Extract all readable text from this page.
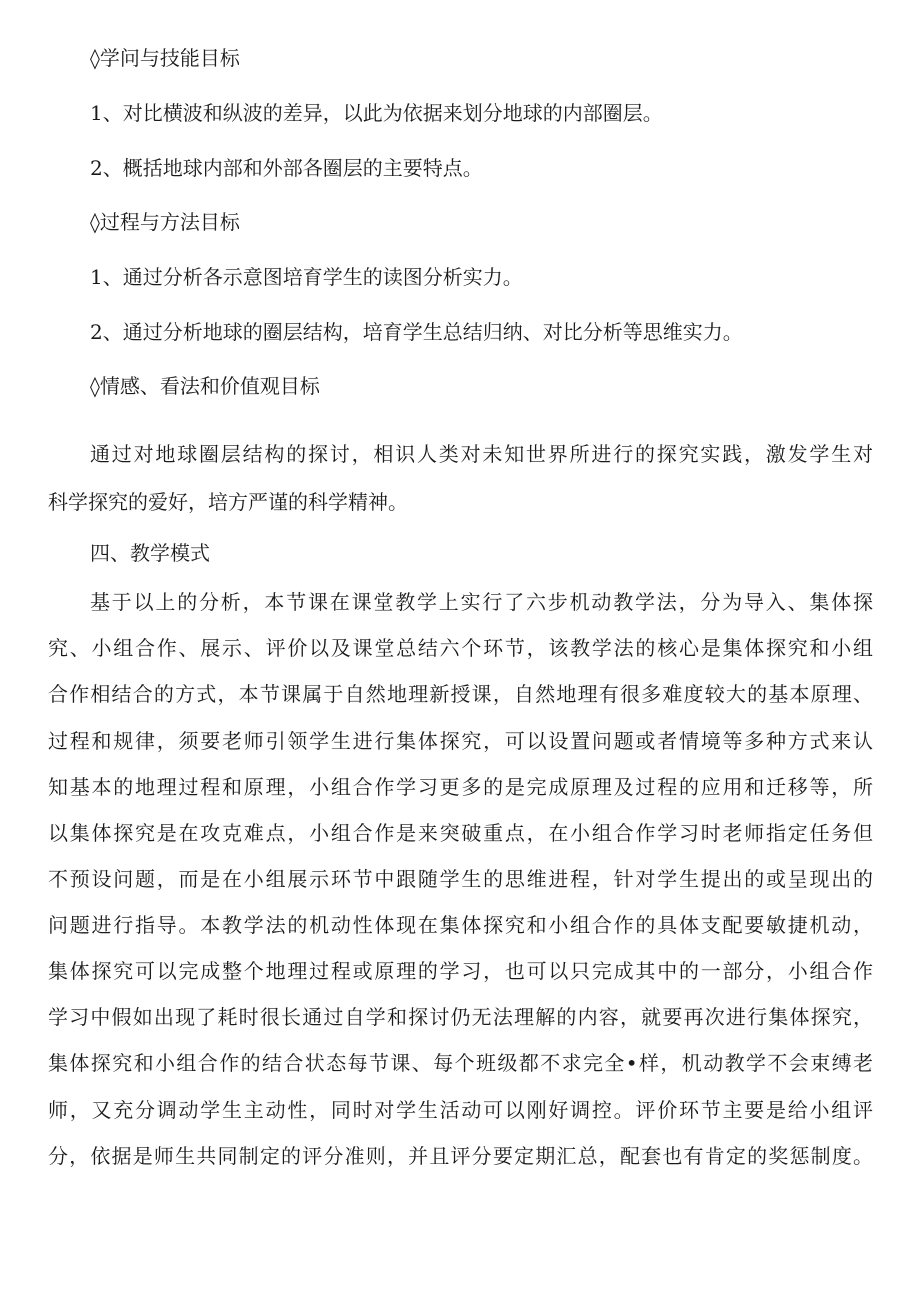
◊学问与技能目标
1、对比横波和纵波的差异，以此为依据来划分地球的内部圈层。
2、概括地球内部和外部各圈层的主要特点。
◊过程与方法目标
1、通过分析各示意图培育学生的读图分析实力。
2、通过分析地球的圈层结构，培育学生总结归纳、对比分析等思维实力。
◊情感、看法和价值观目标
通过对地球圈层结构的探讨，相识人类对未知世界所进行的探究实践，激发学生对
科学探究的爱好，培方严谨的科学精神。
四、教学模式
基于以上的分析，本节课在课堂教学上实行了六步机动教学法，分为导入、集体探
究、小组合作、展示、评价以及课堂总结六个环节，该教学法的核心是集体探究和小组
合作相结合的方式，本节课属于自然地理新授课，自然地理有很多难度较大的基本原理、
过程和规律，须要老师引领学生进行集体探究，可以设置问题或者情境等多种方式来认
知基本的地理过程和原理，小组合作学习更多的是完成原理及过程的应用和迁移等，所
以集体探究是在攻克难点，小组合作是来突破重点，在小组合作学习时老师指定任务但
不预设问题，而是在小组展示环节中跟随学生的思维进程，针对学生提出的或呈现出的
问题进行指导。本教学法的机动性体现在集体探究和小组合作的具体支配要敏捷机动，
集体探究可以完成整个地理过程或原理的学习，也可以只完成其中的一部分，小组合作
学习中假如出现了耗时很长通过自学和探讨仍无法理解的内容，就要再次进行集体探究，
集体探究和小组合作的结合状态每节课、每个班级都不求完全•样，机动教学不会束缚老
师，又充分调动学生主动性，同时对学生活动可以刚好调控。评价环节主要是给小组评
分，依据是师生共同制定的评分准则，并且评分要定期汇总，配套也有肯定的奖惩制度。
